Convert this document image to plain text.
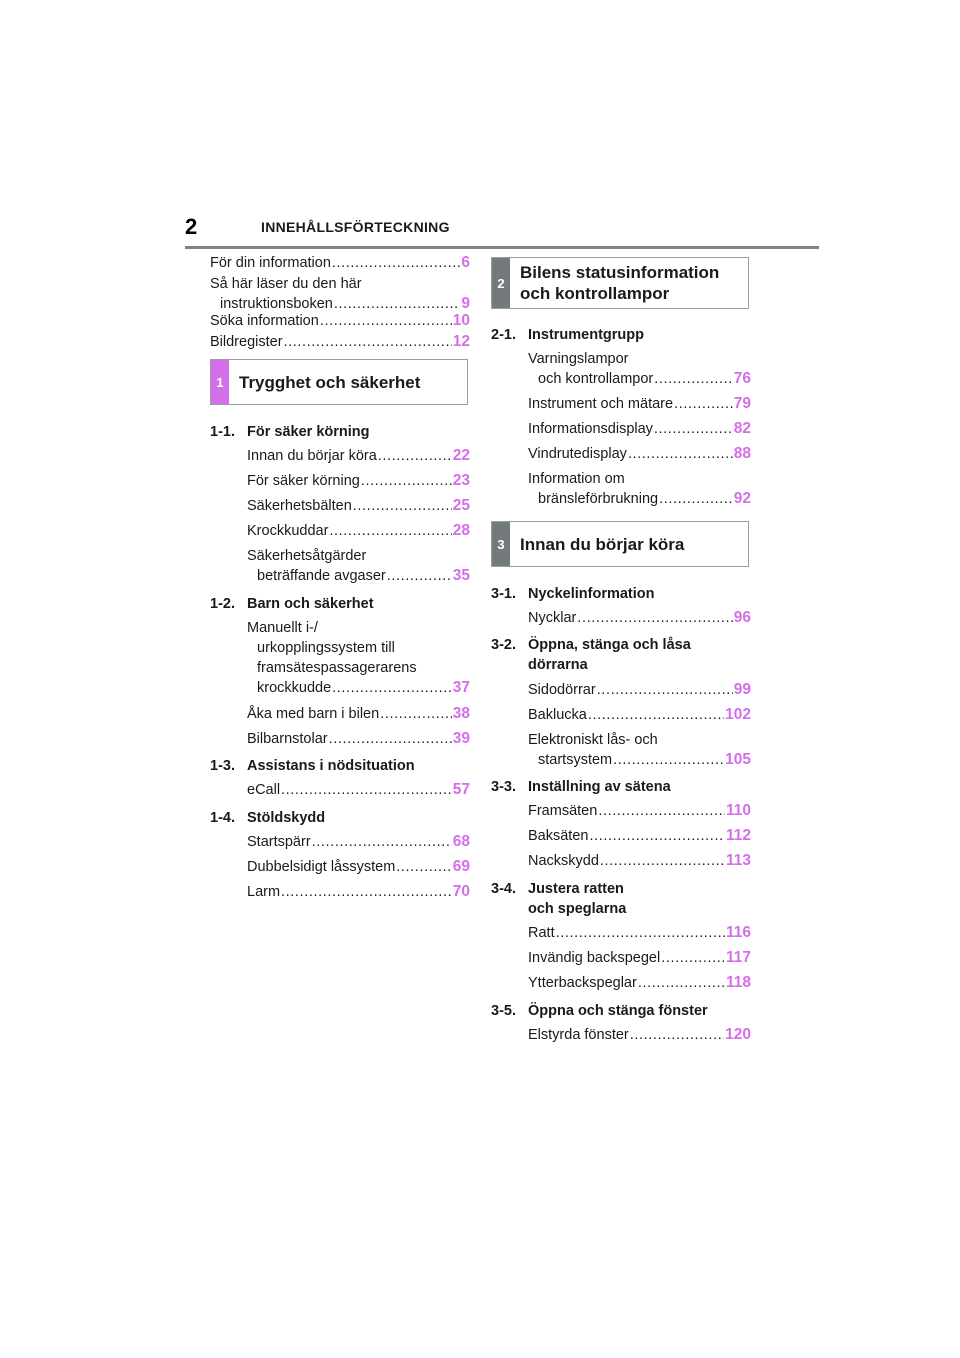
2	INNEHÅLLSFÖRTECKNING
För din information .....	6
Så här läser du den här
instruktionsboken .....	9
Söka information .....	10
Bildregister .....	12
1 Trygghet och säkerhet
1-1. För säker körning
Innan du börjar köra .....	22
För säker körning .....	23
Säkerhetsbälten .....	25
Krockkuddar .....	28
Säkerhetsåtgärder
beträffande avgaser .....	35
1-2. Barn och säkerhet
Manuellt i-/
urkopplingssystem till
framsätespassagerarens
krockkudde .....	37
Åka med barn i bilen .....	38
Bilbarnstolar .....	39
1-3. Assistans i nödsituation
eCall .....	57
1-4. Stöldskydd
Startspärr .....	68
Dubbelsidigt låssystem .....	69
Larm .....	70
2
Bilens statusinformation
och kontrollampor
2-1. Instrumentgrupp
Varningslampor
och kontrollampor .....	76
Instrument och mätare .....	79
Informationsdisplay .....	82
Vindrutedisplay .....	88
Information om
bränsleförbrukning .....	92
3 Innan du börjar köra
3-1. Nyckelinformation
Nycklar .....	96
3-2. Öppna, stänga och låsa
dörrarna
Sidodörrar .....	99
Baklucka .....	102
Elektroniskt lås- och
startsystem .....	105
3-3. Inställning av sätena
Framsäten .....	110
Baksäten .....	112
Nackskydd .....	113
3-4. Justera ratten
och speglarna
Ratt .....	116
Invändig backspegel .....	117
Ytterbackspeglar .....	118
3-5. Öppna och stänga fönster
Elstyrda fönster .....	120
